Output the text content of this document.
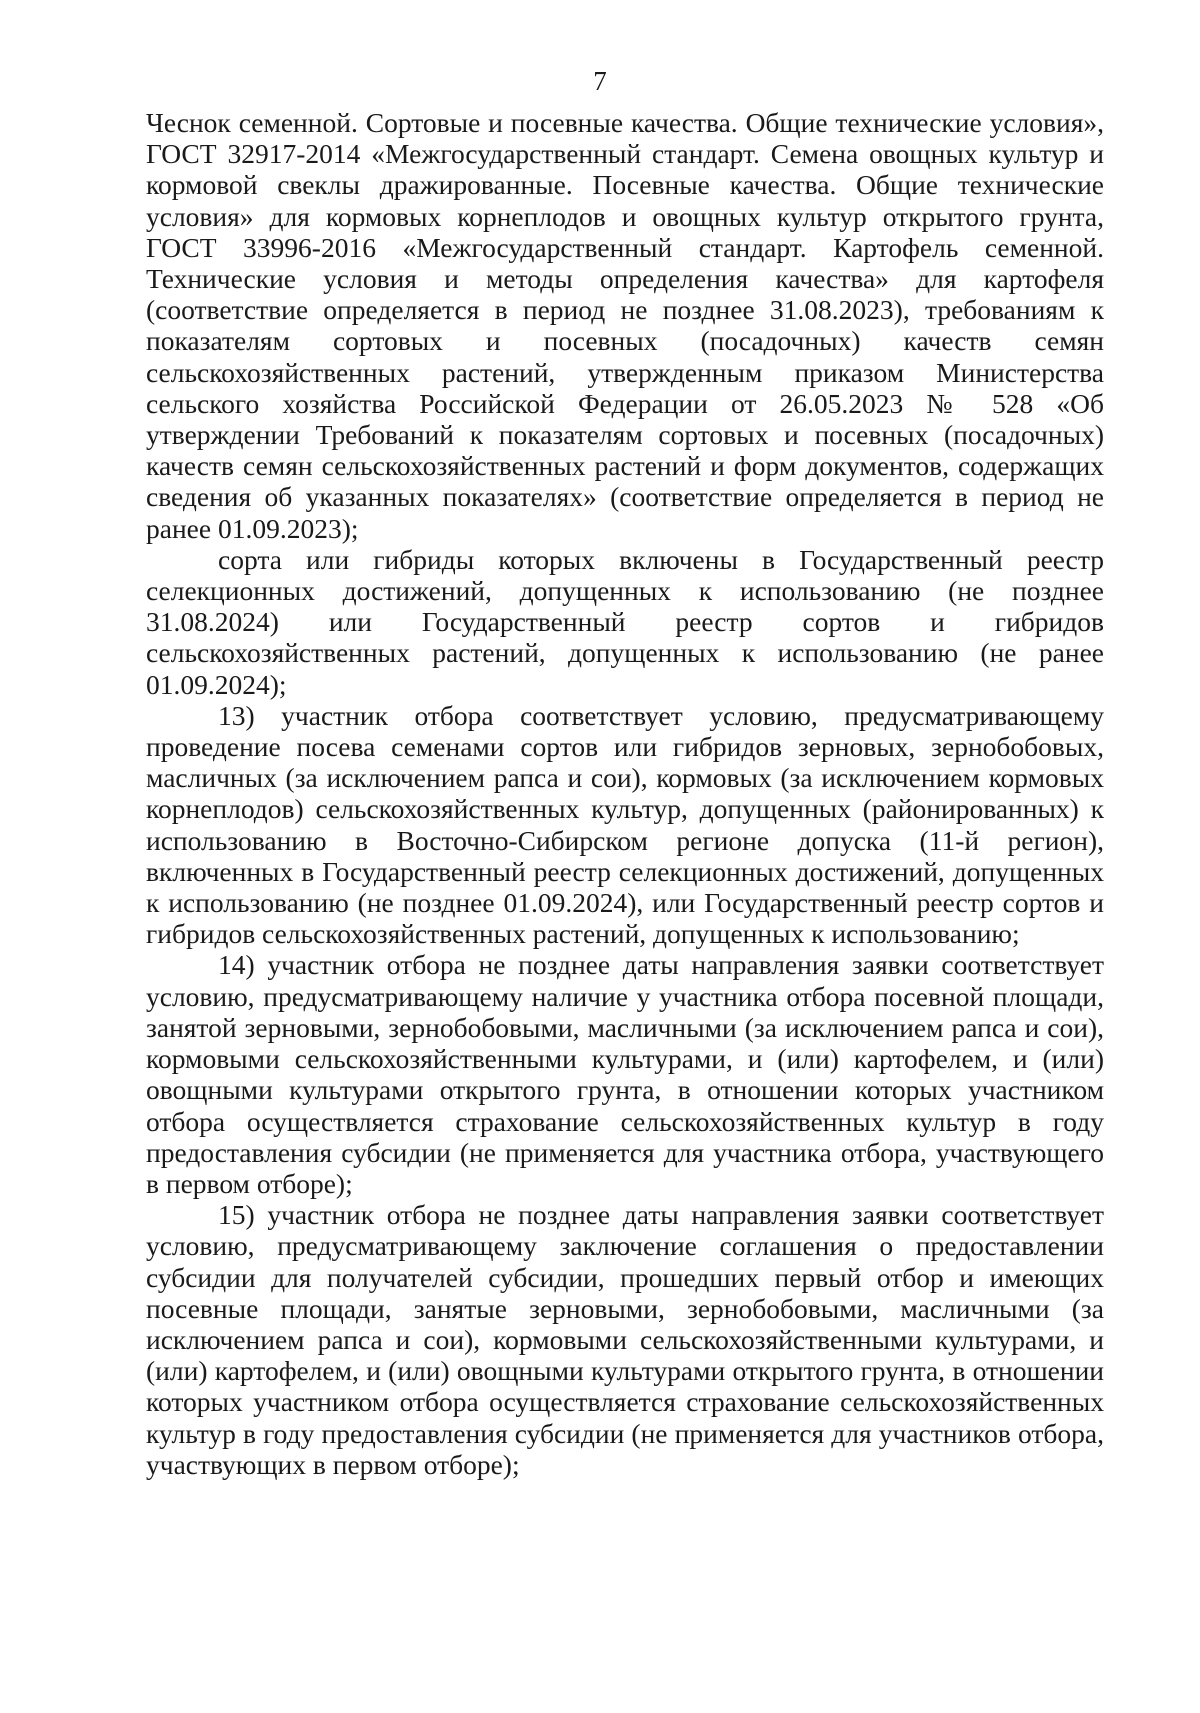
7

Чеснок семенной. Сортовые и посевные качества. Общие технические условия», ГОСТ 32917-2014 «Межгосударственный стандарт. Семена овощных культур и кормовой свеклы дражированные. Посевные качества. Общие технические условия» для кормовых корнеплодов и овощных культур открытого грунта, ГОСТ 33996-2016 «Межгосударственный стандарт. Картофель семенной. Технические условия и методы определения качества» для картофеля (соответствие определяется в период не позднее 31.08.2023), требованиям к показателям сортовых и посевных (посадочных) качеств семян сельскохозяйственных растений, утвержденным приказом Министерства сельского хозяйства Российской Федерации от 26.05.2023 № 528 «Об утверждении Требований к показателям сортовых и посевных (посадочных) качеств семян сельскохозяйственных растений и форм документов, содержащих сведения об указанных показателях» (соответствие определяется в период не ранее 01.09.2023);

сорта или гибриды которых включены в Государственный реестр селекционных достижений, допущенных к использованию (не позднее 31.08.2024) или Государственный реестр сортов и гибридов сельскохозяйственных растений, допущенных к использованию (не ранее 01.09.2024);

13) участник отбора соответствует условию, предусматривающему проведение посева семенами сортов или гибридов зерновых, зернобобовых, масличных (за исключением рапса и сои), кормовых (за исключением кормовых корнеплодов) сельскохозяйственных культур, допущенных (районированных) к использованию в Восточно-Сибирском регионе допуска (11-й регион), включенных в Государственный реестр селекционных достижений, допущенных к использованию (не позднее 01.09.2024), или Государственный реестр сортов и гибридов сельскохозяйственных растений, допущенных к использованию;

14) участник отбора не позднее даты направления заявки соответствует условию, предусматривающему наличие у участника отбора посевной площади, занятой зерновыми, зернобобовыми, масличными (за исключением рапса и сои), кормовыми сельскохозяйственными культурами, и (или) картофелем, и (или) овощными культурами открытого грунта, в отношении которых участником отбора осуществляется страхование сельскохозяйственных культур в году предоставления субсидии (не применяется для участника отбора, участвующего в первом отборе);

15) участник отбора не позднее даты направления заявки соответствует условию, предусматривающему заключение соглашения о предоставлении субсидии для получателей субсидии, прошедших первый отбор и имеющих посевные площади, занятые зерновыми, зернобобовыми, масличными (за исключением рапса и сои), кормовыми сельскохозяйственными культурами, и (или) картофелем, и (или) овощными культурами открытого грунта, в отношении которых участником отбора осуществляется страхование сельскохозяйственных культур в году предоставления субсидии (не применяется для участников отбора, участвующих в первом отборе);
